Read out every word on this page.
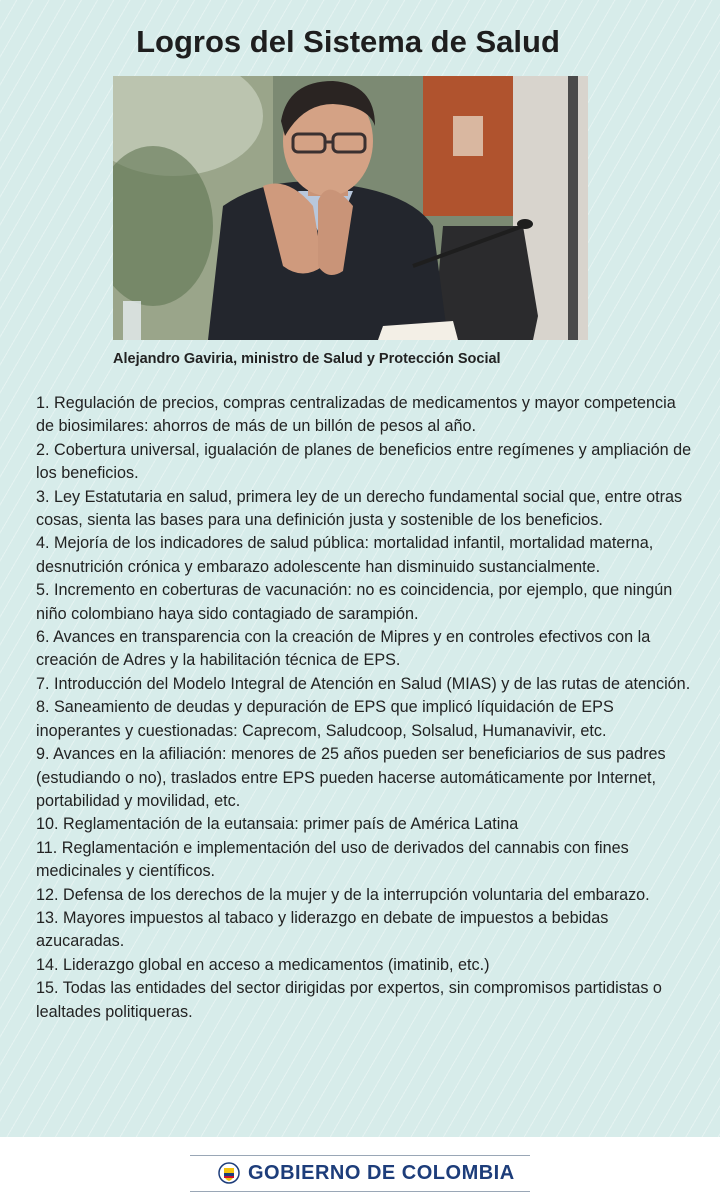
Logros del Sistema de Salud
Alejandro Gaviria, ministro de Salud y Protección Social
1. Regulación de precios, compras centralizadas de medicamentos y mayor competencia de biosimilares: ahorros de más de un billón de pesos al año.
2. Cobertura universal, igualación de planes de beneficios entre regímenes y ampliación de los beneficios.
3. Ley Estatutaria en salud, primera ley de un derecho fundamental social que, entre otras cosas, sienta las bases para una definición justa y sostenible de los beneficios.
4. Mejoría de los indicadores de salud pública: mortalidad infantil, mortalidad materna, desnutrición crónica y embarazo adolescente han disminuido sustancialmente.
5. Incremento en coberturas de vacunación: no es coincidencia, por ejemplo, que ningún niño colombiano haya sido contagiado de sarampión.
6. Avances en transparencia con la creación de Mipres y en controles efectivos con la creación de Adres y la habilitación técnica de EPS.
7. Introducción del Modelo Integral de Atención en Salud (MIAS) y de las rutas de atención.
8. Saneamiento de deudas y depuración de EPS que implicó líquidación de EPS inoperantes y cuestionadas: Caprecom, Saludcoop, Solsalud, Humanavivir, etc.
9. Avances en la afiliación: menores de 25 años pueden ser beneficiarios de sus padres (estudiando o no), traslados entre EPS pueden hacerse automáticamente por Internet, portabilidad y movilidad, etc.
10. Reglamentación de la eutansaia: primer país de América Latina
11. Reglamentación e implementación del uso de derivados del cannabis con fines medicinales y científicos.
12. Defensa de los derechos de la mujer y de la interrupción voluntaria del embarazo.
13. Mayores impuestos al tabaco y liderazgo en debate de impuestos a bebidas azucaradas.
14. Liderazgo global en acceso a medicamentos (imatinib, etc.)
15. Todas las entidades del sector dirigidas por expertos, sin compromisos partidistas o lealtades politiqueras.
GOBIERNO DE COLOMBIA
